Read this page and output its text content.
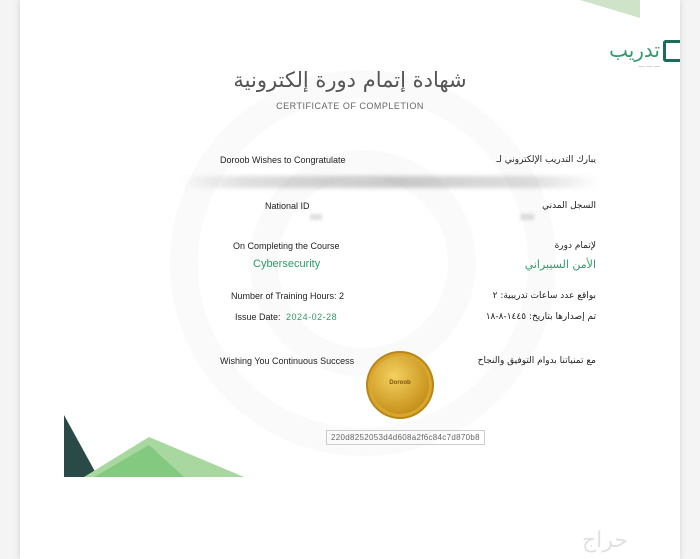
تدريب
— — —
شهادة إتمام دورة إلكترونية
CERTIFICATE OF COMPLETION
Doroob Wishes to Congratulate	يبارك التدريب الإلكتروني لـ
National ID	السجل المدني
On Completing the Course	لإتمام دورة
Cybersecurity	الأمن السيبراني
Number of Training Hours: 2	بواقع عدد ساعات تدريبية: ٢
Issue Date: 2024-02-28	تم إصدارها بتاريخ: ١٤٤٥-٨-١٨
Wishing You Continuous Success	مع تمنياتنا بدوام التوفيق والنجاح
Doroob
220d8252053d4d608a2f6c84c7d870b8
حراج
